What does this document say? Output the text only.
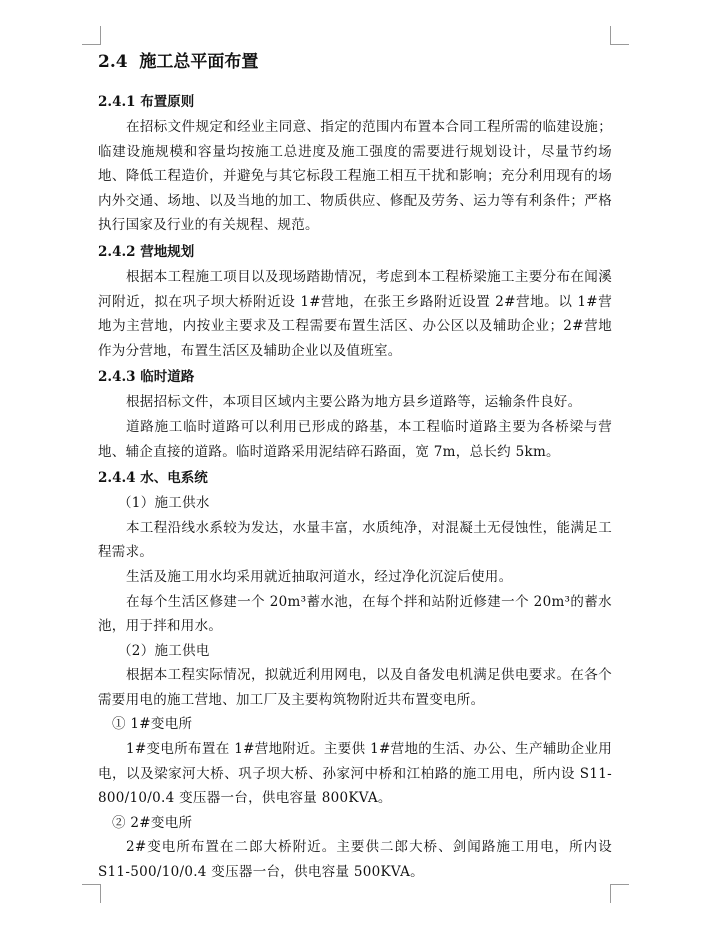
2.4 施工总平面布置
2.4.1 布置原则

在招标文件规定和经业主同意、指定的范围内布置本合同工程所需的临建设施；临建设施规模和容量均按施工总进度及施工强度的需要进行规划设计，尽量节约场地、降低工程造价，并避免与其它标段工程施工相互干扰和影响；充分利用现有的场内外交通、场地、以及当地的加工、物质供应、修配及劳务、运力等有利条件；严格执行国家及行业的有关规程、规范。

2.4.2 营地规划

根据本工程施工项目以及现场踏勘情况，考虑到本工程桥梁施工主要分布在闻溪河附近，拟在巩子坝大桥附近设 1#营地，在张王乡路附近设置 2#营地。以 1#营地为主营地，内按业主要求及工程需要布置生活区、办公区以及辅助企业；2#营地作为分营地，布置生活区及辅助企业以及值班室。

2.4.3 临时道路

根据招标文件，本项目区域内主要公路为地方县乡道路等，运输条件良好。

道路施工临时道路可以利用已形成的路基，本工程临时道路主要为各桥梁与营地、辅企直接的道路。临时道路采用泥结碎石路面，宽 7m，总长约 5km。

2.4.4 水、电系统

（1）施工供水

本工程沿线水系较为发达，水量丰富，水质纯净，对混凝土无侵蚀性，能满足工程需求。

生活及施工用水均采用就近抽取河道水，经过净化沉淀后使用。

在每个生活区修建一个 20m³蓄水池，在每个拌和站附近修建一个 20m³的蓄水池，用于拌和用水。

（2）施工供电

根据本工程实际情况，拟就近利用网电，以及自备发电机满足供电要求。在各个需要用电的施工营地、加工厂及主要构筑物附近共布置变电所。

① 1#变电所

1#变电所布置在 1#营地附近。主要供 1#营地的生活、办公、生产辅助企业用电，以及梁家河大桥、巩子坝大桥、孙家河中桥和江柏路的施工用电，所内设 S11-800/10/0.4 变压器一台，供电容量 800KVA。

② 2#变电所

2#变电所布置在二郎大桥附近。主要供二郎大桥、剑闻路施工用电，所内设 S11-500/10/0.4 变压器一台，供电容量 500KVA。
